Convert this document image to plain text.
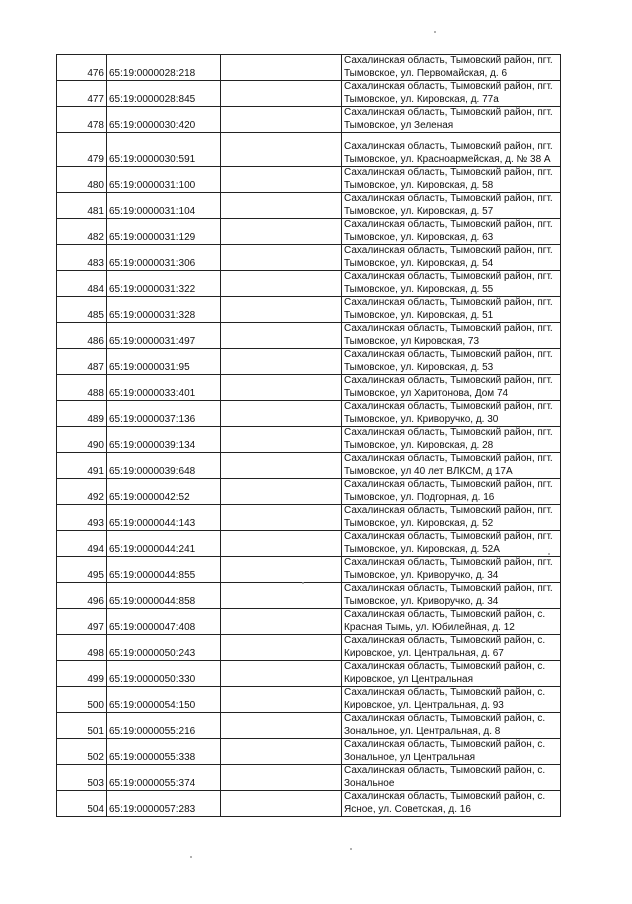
476	65:19:0000028:218		Сахалинская область, Тымовский район, пгт.
Тымовское, ул. Первомайская, д. 6
477	65:19:0000028:845		Сахалинская область, Тымовский район, пгт.
Тымовское, ул. Кировская, д. 77а
478	65:19:0000030:420		Сахалинская область, Тымовский район, пгт.
Тымовское, ул Зеленая
479	65:19:0000030:591		Сахалинская область, Тымовский район, пгт.
Тымовское, ул. Красноармейская, д. № 38 А
480	65:19:0000031:100		Сахалинская область, Тымовский район, пгт.
Тымовское, ул. Кировская, д. 58
481	65:19:0000031:104		Сахалинская область, Тымовский район, пгт.
Тымовское, ул. Кировская, д. 57
482	65:19:0000031:129		Сахалинская область, Тымовский район, пгт.
Тымовское, ул. Кировская, д. 63
483	65:19:0000031:306		Сахалинская область, Тымовский район, пгт.
Тымовское, ул. Кировская, д. 54
484	65:19:0000031:322		Сахалинская область, Тымовский район, пгт.
Тымовское, ул. Кировская, д. 55
485	65:19:0000031:328		Сахалинская область, Тымовский район, пгт.
Тымовское, ул. Кировская, д. 51
486	65:19:0000031:497		Сахалинская область, Тымовский район, пгт.
Тымовское, ул Кировская, 73
487	65:19:0000031:95		Сахалинская область, Тымовский район, пгт.
Тымовское, ул. Кировская, д. 53
488	65:19:0000033:401		Сахалинская область, Тымовский район, пгт.
Тымовское, ул Харитонова, Дом 74
489	65:19:0000037:136		Сахалинская область, Тымовский район, пгт.
Тымовское, ул. Криворучко, д. 30
490	65:19:0000039:134		Сахалинская область, Тымовский район, пгт.
Тымовское, ул. Кировская, д. 28
491	65:19:0000039:648		Сахалинская область, Тымовский район, пгт.
Тымовское, ул 40 лет ВЛКСМ, д 17А
492	65:19:0000042:52		Сахалинская область, Тымовский район, пгт.
Тымовское, ул. Подгорная, д. 16
493	65:19:0000044:143		Сахалинская область, Тымовский район, пгт.
Тымовское, ул. Кировская, д. 52
494	65:19:0000044:241		Сахалинская область, Тымовский район, пгт.
Тымовское, ул. Кировская, д. 52А
495	65:19:0000044:855		Сахалинская область, Тымовский район, пгт.
Тымовское, ул. Криворучко, д. 34
496	65:19:0000044:858		Сахалинская область, Тымовский район, пгт.
Тымовское, ул. Криворучко, д. 34
497	65:19:0000047:408		Сахалинская область, Тымовский район, с.
Красная Тымь, ул. Юбилейная, д. 12
498	65:19:0000050:243		Сахалинская область, Тымовский район, с.
Кировское, ул. Центральная, д. 67
499	65:19:0000050:330		Сахалинская область, Тымовский район, с.
Кировское, ул Центральная
500	65:19:0000054:150		Сахалинская область, Тымовский район, с.
Кировское, ул. Центральная, д. 93
501	65:19:0000055:216		Сахалинская область, Тымовский район, с.
Зональное, ул. Центральная, д. 8
502	65:19:0000055:338		Сахалинская область, Тымовский район, с.
Зональное, ул Центральная
503	65:19:0000055:374		Сахалинская область, Тымовский район, с.
Зональное
504	65:19:0000057:283		Сахалинская область, Тымовский район, с.
Ясное, ул. Советская, д. 16
